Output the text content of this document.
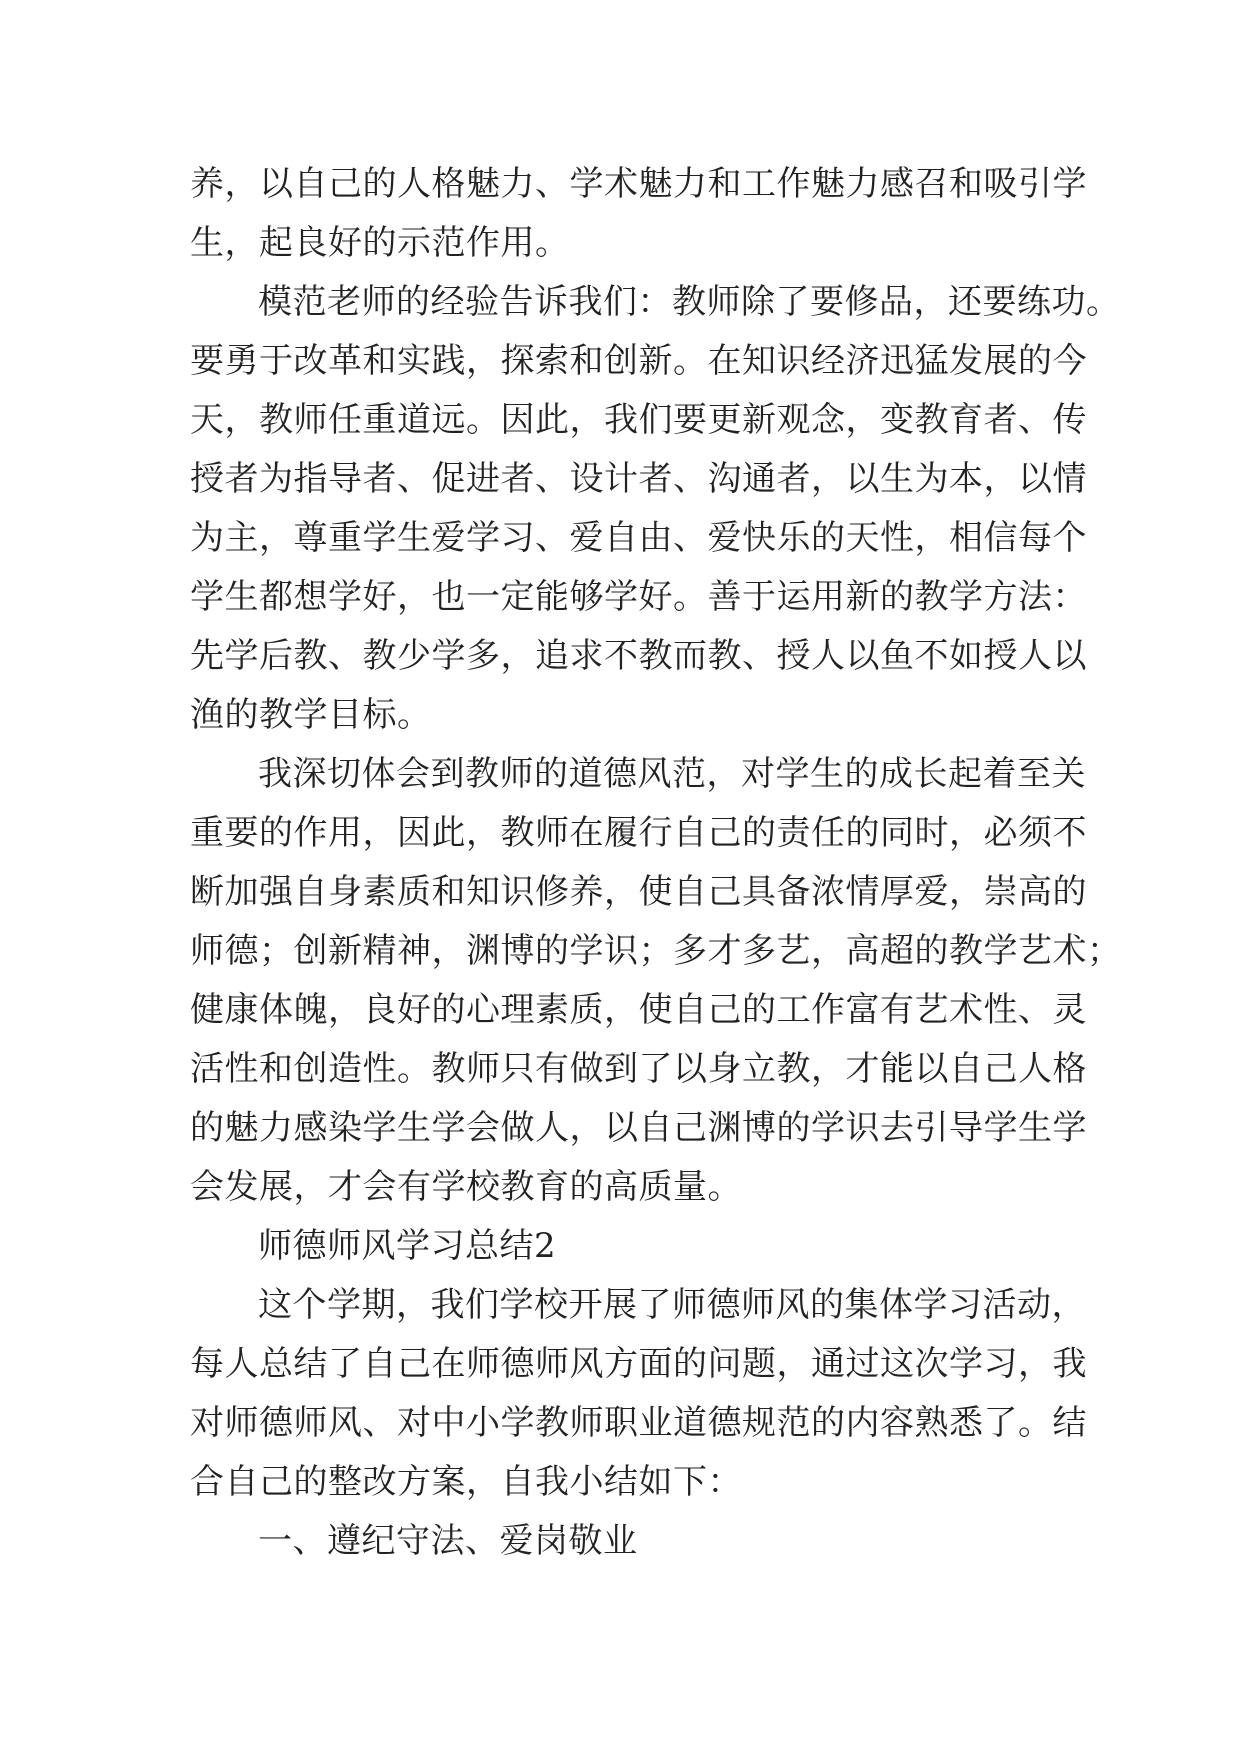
养，以自己的人格魅力、学术魅力和工作魅力感召和吸引学
生，起良好的示范作用。
模范老师的经验告诉我们：教师除了要修品，还要练功。
要勇于改革和实践，探索和创新。在知识经济迅猛发展的今
天，教师任重道远。因此，我们要更新观念，变教育者、传
授者为指导者、促进者、设计者、沟通者，以生为本，以情
为主，尊重学生爱学习、爱自由、爱快乐的天性，相信每个
学生都想学好，也一定能够学好。善于运用新的教学方法：
先学后教、教少学多，追求不教而教、授人以鱼不如授人以
渔的教学目标。
我深切体会到教师的道德风范，对学生的成长起着至关
重要的作用，因此，教师在履行自己的责任的同时，必须不
断加强自身素质和知识修养，使自己具备浓情厚爱，崇高的
师德；创新精神，渊博的学识；多才多艺，高超的教学艺术；
健康体魄，良好的心理素质，使自己的工作富有艺术性、灵
活性和创造性。教师只有做到了以身立教，才能以自己人格
的魅力感染学生学会做人，以自己渊博的学识去引导学生学
会发展，才会有学校教育的高质量。
师德师风学习总结2
这个学期，我们学校开展了师德师风的集体学习活动，
每人总结了自己在师德师风方面的问题，通过这次学习，我
对师德师风、对中小学教师职业道德规范的内容熟悉了。结
合自己的整改方案，自我小结如下：
一、遵纪守法、爱岗敬业
